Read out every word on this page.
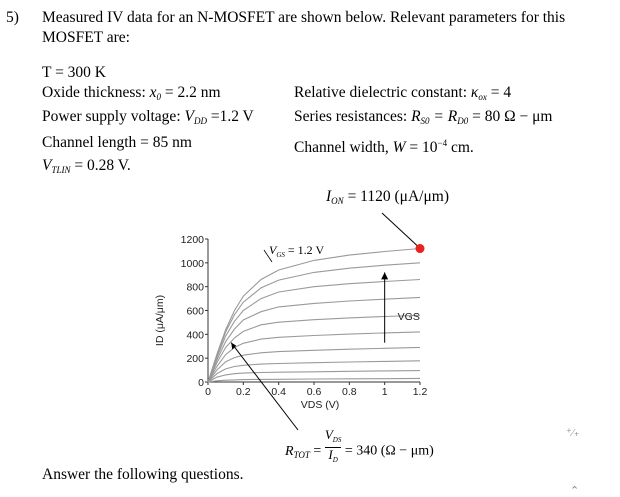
5) Measured IV data for an N-MOSFET are shown below. Relevant parameters for this
MOSFET are:
T = 300 K
Oxide thickness: $x_0 = 2.2$ nm
Power supply voltage: $V_{DD} =1.2$ V
Channel length = 85 nm
$V_{TLIN} = 0.28$ V.
Relative dielectric constant: $\kappa_{ox} = 4$
Series resistances: $R_{S0} = R_{D0} = 80$ Ω − μm
Channel width, $W = 10^{-4}$ cm.
$I_{ON} = 1120$ (μA/μm)
$V_{GS} = 1.2$ V
$R_{TOT}$ =
$V_{DS}$
$I_D$
= 340 (Ω − μm)
Answer the following questions.
⁺⁄₊
⌃
0
200
400
600
800
1000
1200
0 0.2 0.4 0.6 0.8 1 1.2
VDS (V)
ID (μA/μm)	VGS
